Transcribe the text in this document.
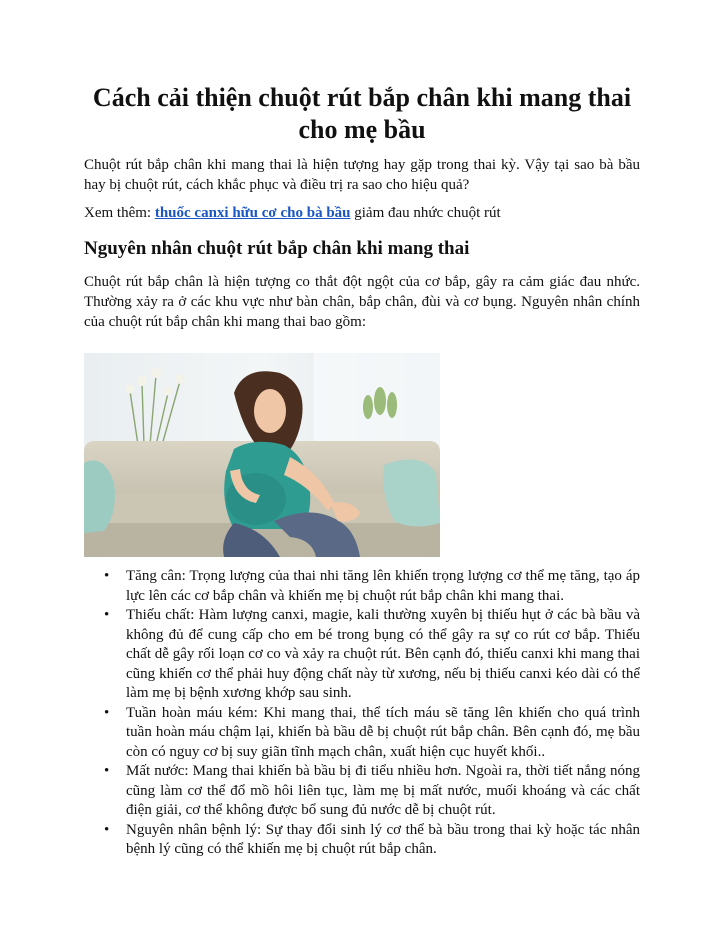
Cách cải thiện chuột rút bắp chân khi mang thai cho mẹ bầu

Chuột rút bắp chân khi mang thai là hiện tượng hay gặp trong thai kỳ. Vậy tại sao bà bầu hay bị chuột rút, cách khắc phục và điều trị ra sao cho hiệu quả?

Xem thêm: thuốc canxi hữu cơ cho bà bầu giảm đau nhức chuột rút

Nguyên nhân chuột rút bắp chân khi mang thai

Chuột rút bắp chân là hiện tượng co thắt đột ngột của cơ bắp, gây ra cảm giác đau nhức. Thường xảy ra ở các khu vực như bàn chân, bắp chân, đùi và cơ bụng. Nguyên nhân chính của chuột rút bắp chân khi mang thai bao gồm:

• Tăng cân: Trọng lượng của thai nhi tăng lên khiến trọng lượng cơ thể mẹ tăng, tạo áp lực lên các cơ bắp chân và khiến mẹ bị chuột rút bắp chân khi mang thai.
• Thiếu chất: Hàm lượng canxi, magie, kali thường xuyên bị thiếu hụt ở các bà bầu và không đủ để cung cấp cho em bé trong bụng có thể gây ra sự co rút cơ bắp. Thiếu chất dễ gây rối loạn cơ co và xảy ra chuột rút. Bên cạnh đó, thiếu canxi khi mang thai cũng khiến cơ thể phải huy động chất này từ xương, nếu bị thiếu canxi kéo dài có thể làm mẹ bị bệnh xương khớp sau sinh.
• Tuần hoàn máu kém: Khi mang thai, thể tích máu sẽ tăng lên khiến cho quá trình tuần hoàn máu chậm lại, khiến bà bầu dễ bị chuột rút bắp chân. Bên cạnh đó, mẹ bầu còn có nguy cơ bị suy giãn tĩnh mạch chân, xuất hiện cục huyết khối..
• Mất nước: Mang thai khiến bà bầu bị đi tiểu nhiều hơn. Ngoài ra, thời tiết nắng nóng cũng làm cơ thể đổ mồ hôi liên tục, làm mẹ bị mất nước, muối khoáng và các chất điện giải, cơ thể không được bổ sung đủ nước dễ bị chuột rút.
• Nguyên nhân bệnh lý: Sự thay đổi sinh lý cơ thể bà bầu trong thai kỳ hoặc tác nhân bệnh lý cũng có thể khiến mẹ bị chuột rút bắp chân.
